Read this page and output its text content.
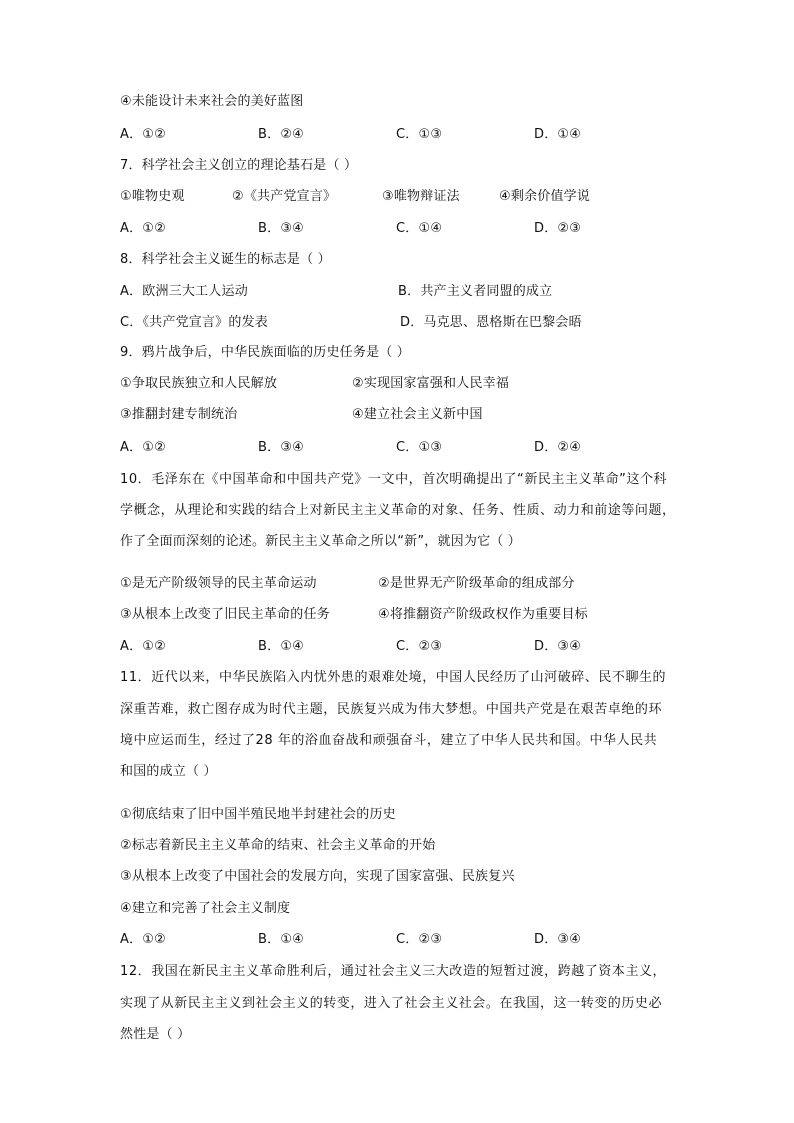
④未能设计未来社会的美好蓝图
A．①②	B．②④	C．①③	D．①④
7．科学社会主义创立的理论基石是（ ）
①唯物史观	②《共产党宣言》	③唯物辩证法	④剩余价值学说
A．①②	B．③④	C．①④	D．②③
8．科学社会主义诞生的标志是（ ）
A．欧洲三大工人运动	B．共产主义者同盟的成立
C．《共产党宣言》的发表	D．马克思、恩格斯在巴黎会晤
9．鸦片战争后，中华民族面临的历史任务是（ ）
①争取民族独立和人民解放	②实现国家富强和人民幸福
③推翻封建专制统治	④建立社会主义新中国
A．①②	B．③④	C．①③	D．②④
10．毛泽东在《中国革命和中国共产党》一文中，首次明确提出了“新民主主义革命”这个科
学概念，从理论和实践的结合上对新民主主义革命的对象、任务、性质、动力和前途等问题，
作了全面而深刻的论述。新民主主义革命之所以“新”，就因为它（ ）
①是无产阶级领导的民主革命运动	②是世界无产阶级革命的组成部分
③从根本上改变了旧民主革命的任务	④将推翻资产阶级政权作为重要目标
A．①②	B．①④	C．②③	D．③④
11．近代以来，中华民族陷入内忧外患的艰难处境，中国人民经历了山河破碎、民不聊生的
深重苦难，救亡图存成为时代主题，民族复兴成为伟大梦想。中国共产党是在艰苦卓绝的环
境中应运而生，经过了28 年的浴血奋战和顽强奋斗，建立了中华人民共和国。中华人民共
和国的成立（ ）
①彻底结束了旧中国半殖民地半封建社会的历史
②标志着新民主主义革命的结束、社会主义革命的开始
③从根本上改变了中国社会的发展方向，实现了国家富强、民族复兴
④建立和完善了社会主义制度
A．①②	B．①④	C．②③	D．③④
12．我国在新民主主义革命胜利后，通过社会主义三大改造的短暂过渡，跨越了资本主义，
实现了从新民主主义到社会主义的转变，进入了社会主义社会。在我国，这一转变的历史必
然性是（ ）
